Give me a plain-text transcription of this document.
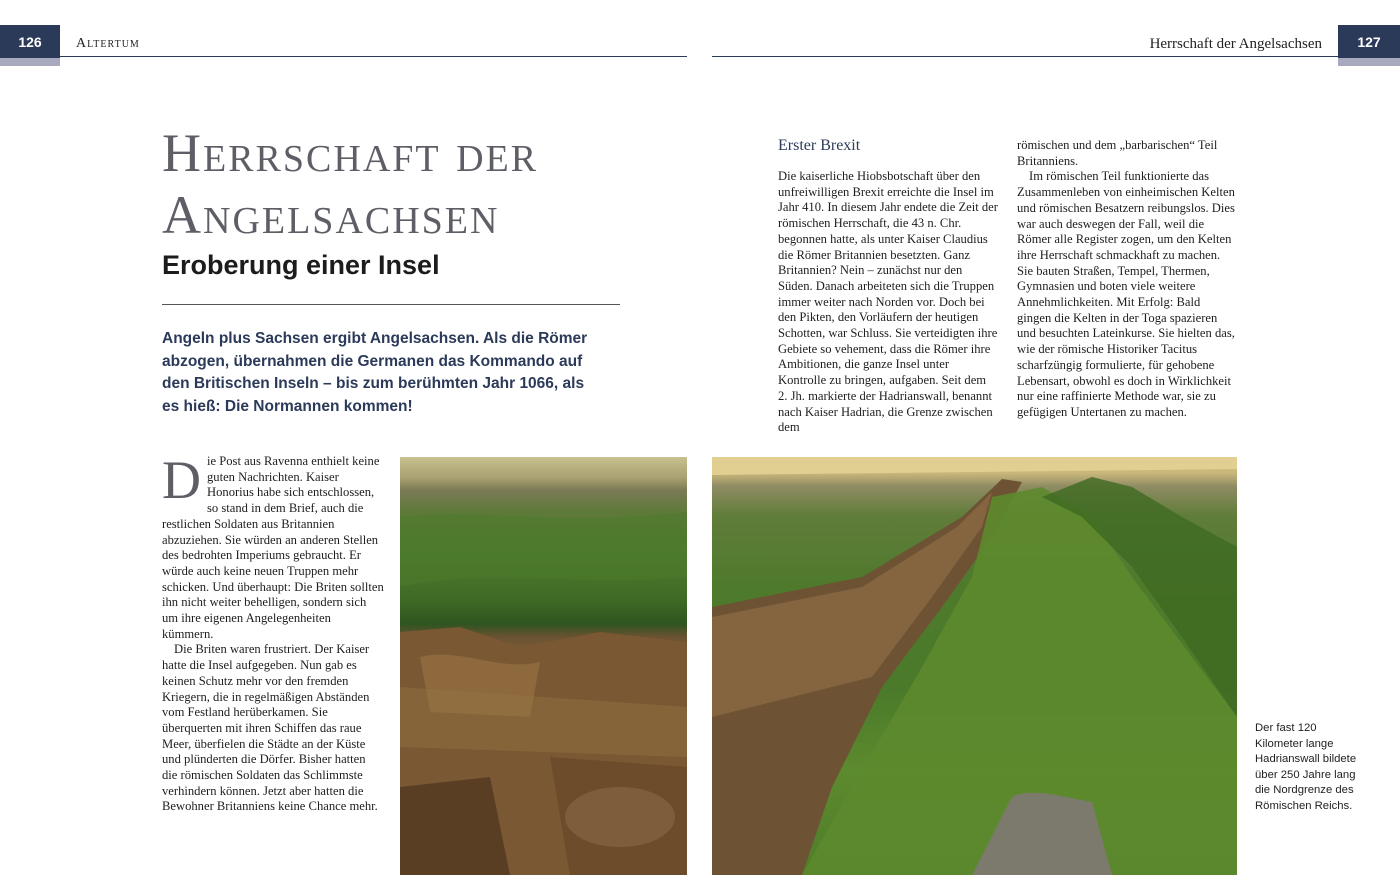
126	Altertum	Herrschaft der Angelsachsen	127
Herrschaft der
Angelsachsen
Eroberung einer Insel
Angeln plus Sachsen ergibt Angelsachsen. Als die Römer abzogen, übernahmen die Germanen das Kommando auf den Britischen Inseln – bis zum berühmten Jahr 1066, als es hieß: Die Normannen kommen!

D ie Post aus Ravenna enthielt keine guten Nachrichten. Kaiser Honorius habe sich entschlossen, so stand in dem Brief, auch die restlichen Soldaten aus Britannien abzuziehen. Sie würden an anderen Stellen des bedrohten Imperiums gebraucht. Er würde auch keine neuen Truppen mehr schicken. Und überhaupt: Die Briten sollten ihn nicht weiter behelligen, sondern sich um ihre eigenen Angelegenheiten kümmern.

Die Briten waren frustriert. Der Kaiser hatte die Insel aufgegeben. Nun gab es keinen Schutz mehr vor den fremden Kriegern, die in regelmäßigen Abständen vom Festland herüberkamen. Sie überquerten mit ihren Schiffen das raue Meer, überfielen die Städte an der Küste und plünderten die Dörfer. Bisher hatten die römischen Soldaten das Schlimmste verhindern können. Jetzt aber hatten die Bewohner Britanniens keine Chance mehr.

Erster Brexit

Die kaiserliche Hiobsbotschaft über den unfreiwilligen Brexit erreichte die Insel im Jahr 410. In diesem Jahr endete die Zeit der römischen Herrschaft, die 43 n. Chr. begonnen hatte, als unter Kaiser Claudius die Römer Britannien besetzten. Ganz Britannien? Nein – zunächst nur den Süden. Danach arbeiteten sich die Truppen immer weiter nach Norden vor. Doch bei den Pikten, den Vorläufern der heutigen Schotten, war Schluss. Sie verteidigten ihre Gebiete so vehement, dass die Römer ihre Ambitionen, die ganze Insel unter Kontrolle zu bringen, aufgaben. Seit dem 2. Jh. markierte der Hadrianswall, benannt nach Kaiser Hadrian, die Grenze zwischen dem

römischen und dem „barbarischen“ Teil Britanniens.

Im römischen Teil funktionierte das Zusammenleben von einheimischen Kelten und römischen Besatzern reibungslos. Dies war auch deswegen der Fall, weil die Römer alle Register zogen, um den Kelten ihre Herrschaft schmackhaft zu machen. Sie bauten Straßen, Tempel, Thermen, Gymnasien und boten viele weitere Annehmlichkeiten. Mit Erfolg: Bald gingen die Kelten in der Toga spazieren und besuchten Lateinkurse. Sie hielten das, wie der römische Historiker Tacitus scharfzüngig formulierte, für gehobene Lebensart, obwohl es doch in Wirklichkeit nur eine raffinierte Methode war, sie zu gefügigen Untertanen zu machen.

Der fast 120 Kilometer lange Hadrianswall bildete über 250 Jahre lang die Nordgrenze des Römischen Reichs.
